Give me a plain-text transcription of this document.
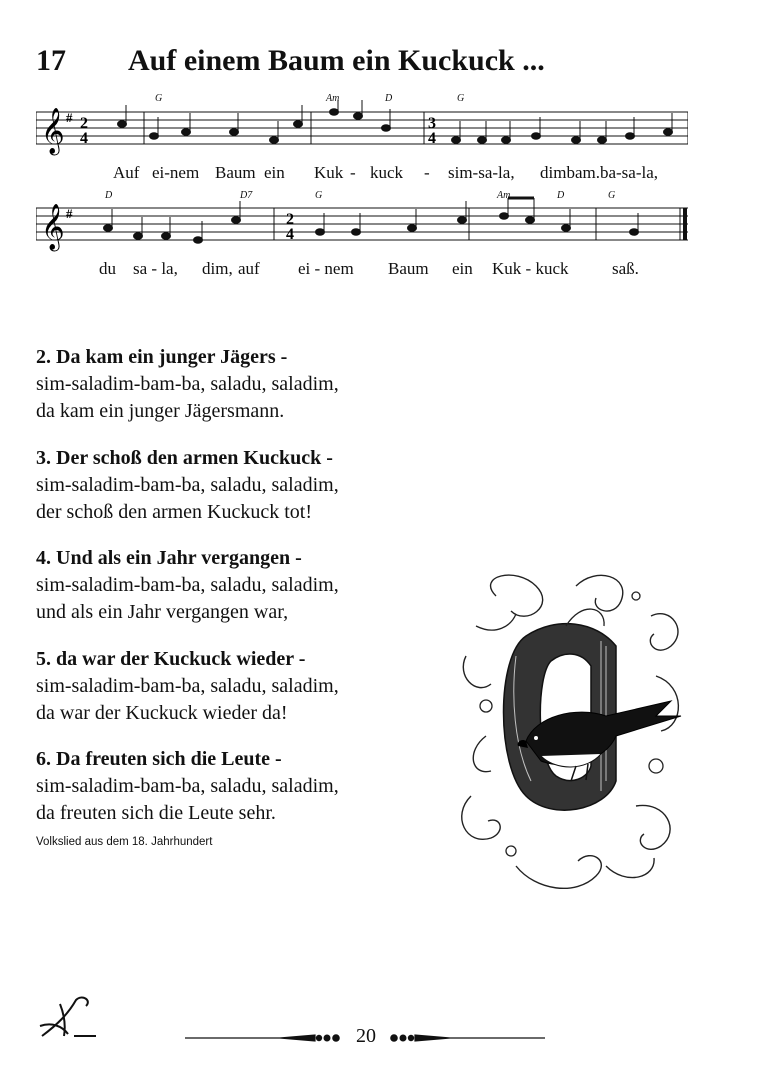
17 Auf einem Baum ein Kuckuck ...
𝄞 # 2
4
3
4
G	Am	D	G
Auf ei-nem Baum ein Kuk - kuck - sim-sa-la, dimbam.ba-sa-la,
𝄞 #	2
4
D	D7	G	Am	D	G
du sa - la, dim, auf ei - nem Baum ein Kuk - kuck	saß.
2. Da kam ein junger Jägers -
sim-saladim-bam-ba, saladu, saladim,
da kam ein junger Jägersmann.
3. Der schoß den armen Kuckuck -
sim-saladim-bam-ba, saladu, saladim,
der schoß den armen Kuckuck tot!
4. Und als ein Jahr vergangen -
sim-saladim-bam-ba, saladu, saladim,
und als ein Jahr vergangen war,
5. da war der Kuckuck wieder -
sim-saladim-bam-ba, saladu, saladim,
da war der Kuckuck wieder da!
6. Da freuten sich die Leute -
sim-saladim-bam-ba, saladu, saladim,
da freuten sich die Leute sehr.
Volkslied aus dem 18. Jahrhundert
20
